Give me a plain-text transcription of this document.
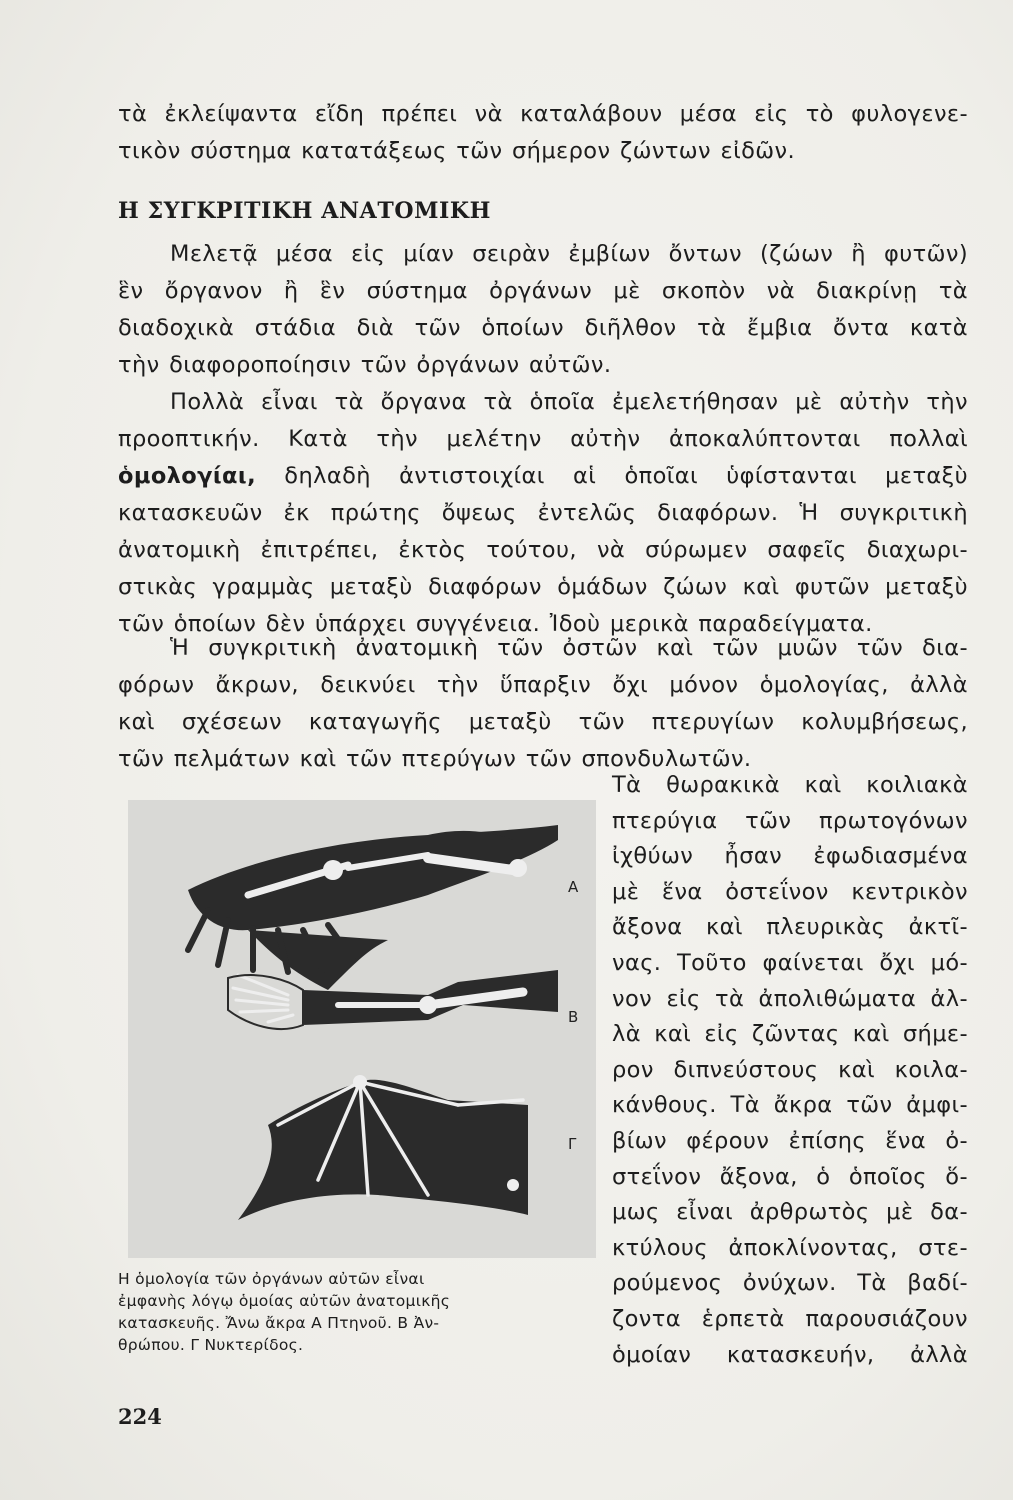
τὰ ἐκλείψαντα εἴδη πρέπει νὰ καταλάβουν μέσα εἰς τὸ φυλογενε-
τικὸν σύστημα κατατάξεως τῶν σήμερον ζώντων εἰδῶν.
Η ΣΥΓΚΡΙΤΙΚΗ ΑΝΑΤΟΜΙΚΗ
Μελετᾷ μέσα εἰς μίαν σειρὰν ἐμβίων ὄντων (ζώων ἢ φυτῶν)
ἓν ὄργανον ἢ ἓν σύστημα ὀργάνων μὲ σκοπὸν νὰ διακρίνῃ τὰ
διαδοχικὰ στάδια διὰ τῶν ὁποίων διῆλθον τὰ ἔμβια ὄντα κατὰ
τὴν διαφοροποίησιν τῶν ὀργάνων αὐτῶν.
Πολλὰ εἶναι τὰ ὄργανα τὰ ὁποῖα ἐμελετήθησαν μὲ αὐτὴν τὴν
προοπτικήν. Κατὰ τὴν μελέτην αὐτὴν ἀποκαλύπτονται πολλαὶ
ὁμολογίαι, δηλαδὴ ἀντιστοιχίαι αἱ ὁποῖαι ὑφίστανται μεταξὺ
κατασκευῶν ἐκ πρώτης ὄψεως ἐντελῶς διαφόρων. Ἡ συγκριτικὴ
ἀνατομικὴ ἐπιτρέπει, ἐκτὸς τούτου, νὰ σύρωμεν σαφεῖς διαχωρι-
στικὰς γραμμὰς μεταξὺ διαφόρων ὁμάδων ζώων καὶ φυτῶν μεταξὺ
τῶν ὁποίων δὲν ὑπάρχει συγγένεια. Ἰδοὺ μερικὰ παραδείγματα.
Ἡ συγκριτικὴ ἀνατομικὴ τῶν ὀστῶν καὶ τῶν μυῶν τῶν δια-
φόρων ἄκρων, δεικνύει τὴν ὕπαρξιν ὄχι μόνον ὁμολογίας, ἀλλὰ
καὶ σχέσεων καταγωγῆς μεταξὺ τῶν πτερυγίων κολυμβήσεως,
τῶν πελμάτων καὶ τῶν πτερύγων τῶν σπονδυλωτῶν.
Α
Β
Γ
Η ὁμολογία τῶν ὀργάνων αὐτῶν εἶναι
ἐμφανὴς λόγῳ ὁμοίας αὐτῶν ἀνατομικῆς
κατασκευῆς. Ἄνω ἄκρα Α Πτηνοῦ. Β Ἀν-
θρώπου. Γ Νυκτερίδος.
Τὰ θωρακικὰ καὶ κοιλιακὰ
πτερύγια τῶν πρωτογόνων
ἰχθύων ἦσαν ἐφωδιασμένα
μὲ ἕνα ὀστεΐνον κεντρικὸν
ἄξονα καὶ πλευρικὰς ἀκτῖ-
νας. Τοῦτο φαίνεται ὄχι μό-
νον εἰς τὰ ἀπολιθώματα ἀλ-
λὰ καὶ εἰς ζῶντας καὶ σήμε-
ρον διπνεύστους καὶ κοιλα-
κάνθους. Τὰ ἄκρα τῶν ἀμφι-
βίων φέρουν ἐπίσης ἕνα ὀ-
στεΐνον ἄξονα, ὁ ὁποῖος ὅ-
μως εἶναι ἀρθρωτὸς μὲ δα-
κτύλους ἀποκλίνοντας, στε-
ρούμενος ὀνύχων. Τὰ βαδί-
ζοντα ἑρπετὰ παρουσιάζουν
ὁμοίαν κατασκευήν, ἀλλὰ
224
